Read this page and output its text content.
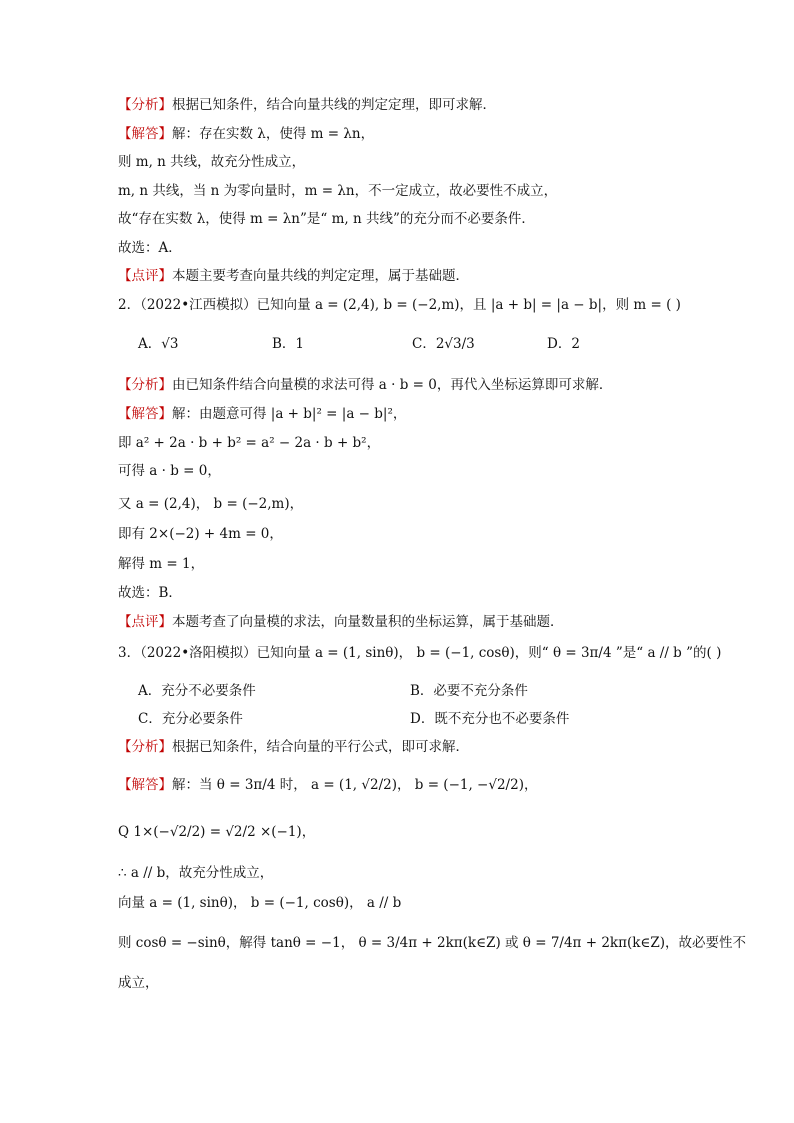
【分析】根据已知条件，结合向量共线的判定定理，即可求解．
【解答】解：存在实数 λ，使得 m = λn，
则 m, n 共线，故充分性成立，
m, n 共线，当 n 为零向量时，m = λn，不一定成立，故必要性不成立，
故“存在实数 λ，使得 m = λn”是“ m, n 共线”的充分而不必要条件．
故选：A．
【点评】本题主要考查向量共线的判定定理，属于基础题．
2．（2022•江西模拟）已知向量 a = (2,4), b = (−2,m)，且 |a + b| = |a − b|，则 m = ( )
A．√3	B．1	C．2√3/3	D．2
【分析】由已知条件结合向量模的求法可得 a · b = 0，再代入坐标运算即可求解．
【解答】解：由题意可得 |a + b|² = |a − b|²，
即 a² + 2a · b + b² = a² − 2a · b + b²，
可得 a · b = 0，
又 a = (2,4)， b = (−2,m)，
即有 2×(−2) + 4m = 0，
解得 m = 1，
故选：B．
【点评】本题考查了向量模的求法，向量数量积的坐标运算，属于基础题．
3．（2022•洛阳模拟）已知向量 a = (1, sinθ)， b = (−1, cosθ)，则“ θ = 3π/4 ”是“ a // b ”的( )
A．充分不必要条件	B．必要不充分条件
C．充分必要条件	D．既不充分也不必要条件
【分析】根据已知条件，结合向量的平行公式，即可求解．
【解答】解：当 θ = 3π/4 时， a = (1, √2/2)， b = (−1, −√2/2)，
Q 1×(−√2/2) = √2/2 ×(−1)，
∴ a // b，故充分性成立，
向量 a = (1, sinθ)， b = (−1, cosθ)， a // b
则 cosθ = −sinθ，解得 tanθ = −1， θ = 3/4π + 2kπ(k∈Z) 或 θ = 7/4π + 2kπ(k∈Z)，故必要性不
成立，
